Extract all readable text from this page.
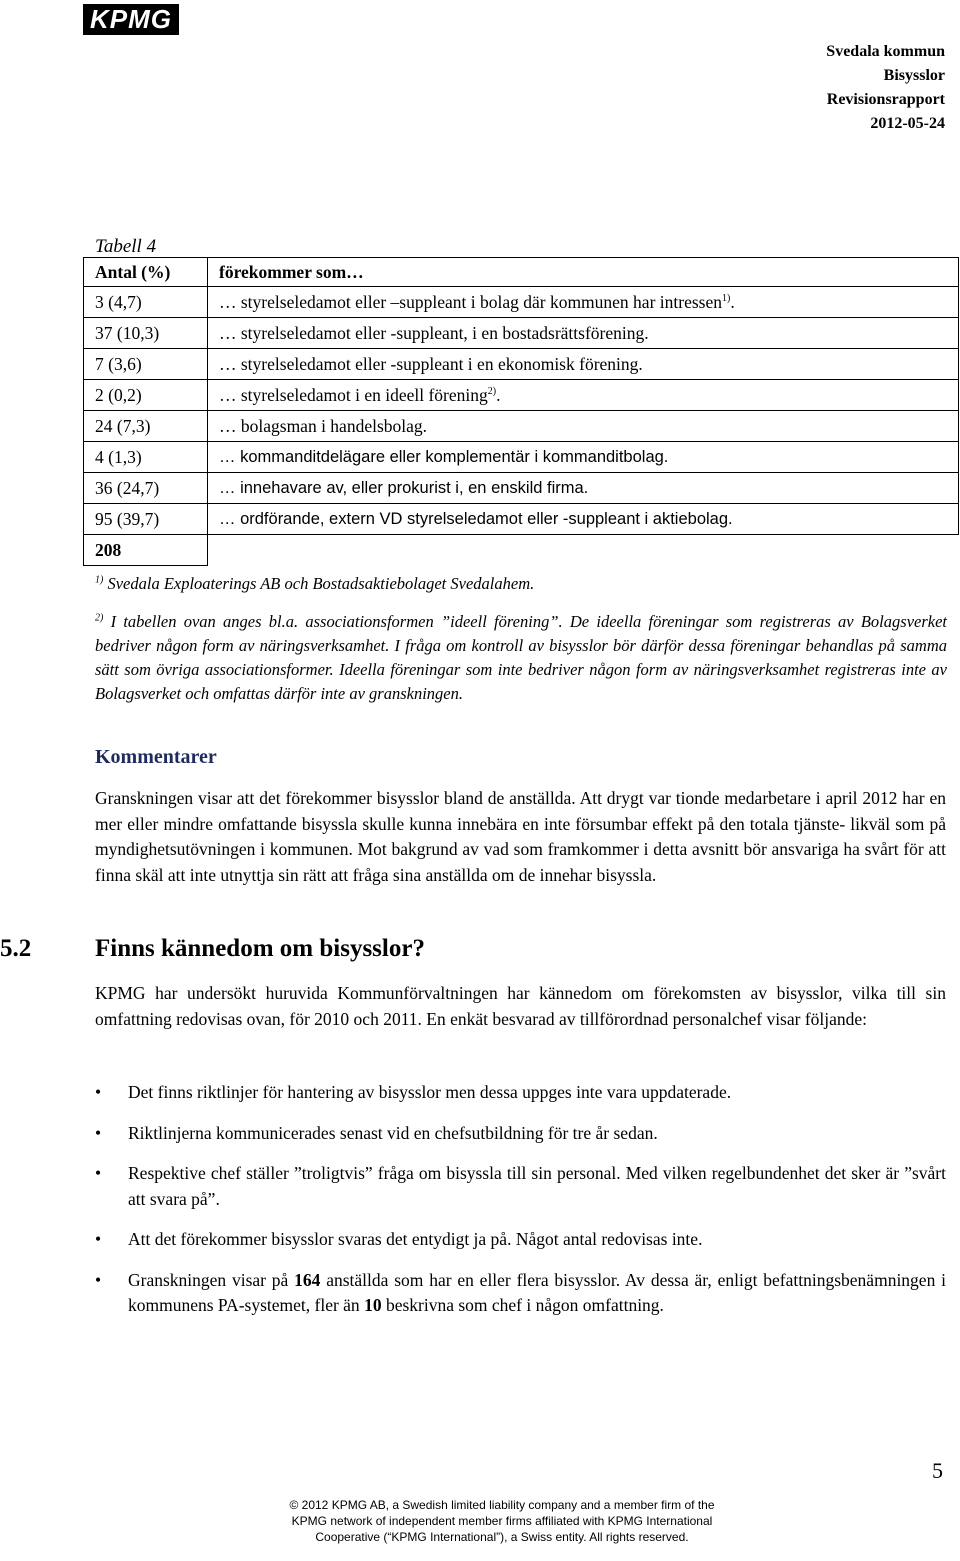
KPMG
Svedala kommun
Bisysslor
Revisionsrapport
2012-05-24
Tabell 4
Antal (%)	förekommer som…
3 (4,7)	… styrelseledamot eller –suppleant i bolag där kommunen har intressen$^{1)}$.
37 (10,3)	… styrelseledamot eller -suppleant, i en bostadsrättsförening.
7 (3,6)	… styrelseledamot eller -suppleant i en ekonomisk förening.
2 (0,2)	… styrelseledamot i en ideell förening$^{2)}$.
24 (7,3)	… bolagsman i handelsbolag.
4 (1,3)	… kommanditdelägare eller komplementär i kommanditbolag.
36 (24,7)	… innehavare av, eller prokurist i, en enskild firma.
95 (39,7)	… ordförande, extern VD styrelseledamot eller -suppleant i aktiebolag.
208	
$^{1)}$ Svedala Exploaterings AB och Bostadsaktiebolaget Svedalahem.
$^{2)}$ I tabellen ovan anges bl.a. associationsformen ”ideell förening”. De ideella föreningar som registreras av Bolagsverket bedriver någon form av näringsverksamhet. I fråga om kontroll av bisysslor bör därför dessa föreningar behandlas på samma sätt som övriga associationsformer. Ideella föreningar som inte bedriver någon form av näringsverksamhet registreras inte av Bolagsverket och omfattas därför inte av granskningen.
Kommentarer
Granskningen visar att det förekommer bisysslor bland de anställda. Att drygt var tionde medarbetare i april 2012 har en mer eller mindre omfattande bisyssla skulle kunna innebära en inte försumbar effekt på den totala tjänste- likväl som på myndighetsutövningen i kommunen. Mot bakgrund av vad som framkommer i detta avsnitt bör ansvariga ha svårt för att finna skäl att inte utnyttja sin rätt att fråga sina anställda om de innehar bisyssla.
5.2	Finns kännedom om bisysslor?
KPMG har undersökt huruvida Kommunförvaltningen har kännedom om förekomsten av bisysslor, vilka till sin omfattning redovisas ovan, för 2010 och 2011. En enkät besvarad av tillförordnad personalchef visar följande:
• Det finns riktlinjer för hantering av bisysslor men dessa uppges inte vara uppdaterade.
• Riktlinjerna kommunicerades senast vid en chefsutbildning för tre år sedan.
• Respektive chef ställer ”troligtvis” fråga om bisyssla till sin personal. Med vilken regelbundenhet det sker är ”svårt att svara på”.
• Att det förekommer bisysslor svaras det entydigt ja på. Något antal redovisas inte.
• Granskningen visar på 164 anställda som har en eller flera bisysslor. Av dessa är, enligt befattningsbenämningen i kommunens PA-systemet, fler än 10 beskrivna som chef i någon omfattning.
5
© 2012 KPMG AB, a Swedish limited liability company and a member firm of the
KPMG network of independent member firms affiliated with KPMG International
Cooperative (“KPMG International”), a Swiss entity. All rights reserved.
